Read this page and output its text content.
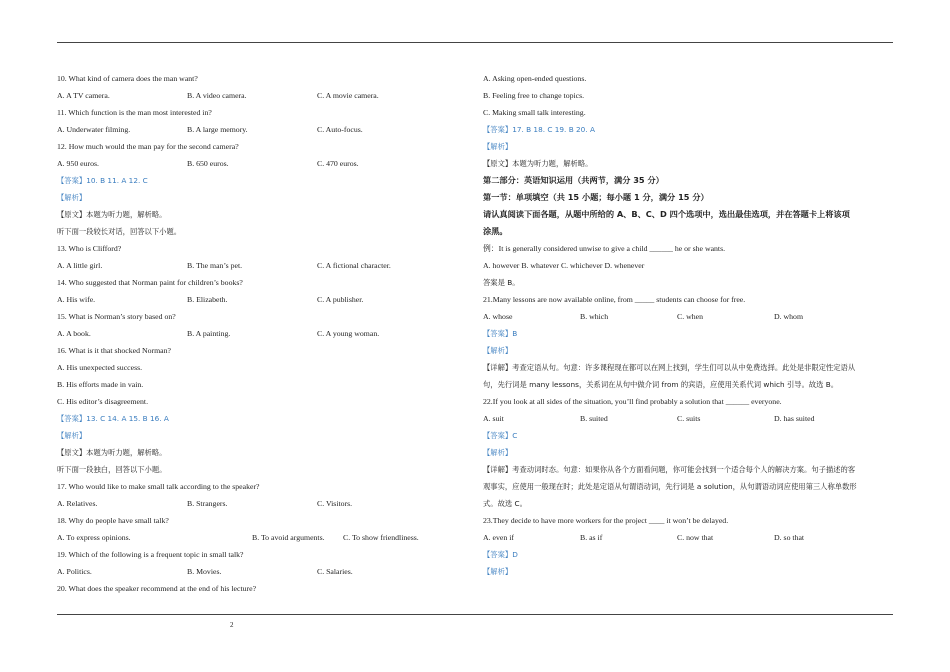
10. What kind of camera does the man want?
A. A TV camera.	B. A video camera.	C. A movie camera.
11. Which function is the man most interested in?
A. Underwater filming.	B. A large memory.	C. Auto-focus.
12. How much would the man pay for the second camera?
A. 950 euros.	B. 650 euros.	C. 470 euros.
【答案】10. B 11. A 12. C
【解析】
【原文】本题为听力题，解析略。
听下面一段较长对话，回答以下小题。
13. Who is Clifford?
A. A little girl.	B. The man’s pet.	C. A fictional character.
14. Who suggested that Norman paint for children’s books?
A. His wife.	B. Elizabeth.	C. A publisher.
15. What is Norman’s story based on?
A. A book.	B. A painting.	C. A young woman.
16. What is it that shocked Norman?
A. His unexpected success.
B. His efforts made in vain.
C. His editor’s disagreement.
【答案】13. C 14. A 15. B 16. A
【解析】
【原文】本题为听力题，解析略。
听下面一段独白，回答以下小题。
17. Who would like to make small talk according to the speaker?
A. Relatives.	B. Strangers.	C. Visitors.
18. Why do people have small talk?
A. To express opinions.	B. To avoid arguments. C. To show friendliness.
19. Which of the following is a frequent topic in small talk?
A. Politics.	B. Movies.	C. Salaries.
20. What does the speaker recommend at the end of his lecture?
A. Asking open-ended questions.
B. Feeling free to change topics.
C. Making small talk interesting.
【答案】17. B 18. C 19. B 20. A
【解析】
【原文】本题为听力题，解析略。
第二部分：英语知识运用（共两节，满分 35 分）
第一节：单项填空（共 15 小题；每小题 1 分，满分 15 分）
请认真阅读下面各题，从题中所给的 A、B、C、D 四个选项中，选出最佳选项，并在答题卡上将该项
涂黑。
例：It is generally considered unwise to give a child ______ he or she wants.
A. however B. whatever C. whichever D. whenever
答案是 B。
21.Many lessons are now available online, from _____ students can choose for free.
A. whose	B. which	C. when	D. whom
【答案】B
【解析】
【详解】考查定语从句。句意：许多课程现在都可以在网上找到，学生们可以从中免费选择。此处是非限定性定语从
句，先行词是 many lessons，关系词在从句中做介词 from 的宾语，应使用关系代词 which 引导。故选 B。
22.If you look at all sides of the situation, you’ll find probably a solution that ______ everyone.
A. suit	B. suited	C. suits	D. has suited
【答案】C
【解析】
【详解】考查动词时态。句意：如果你从各个方面看问题，你可能会找到一个适合每个人的解决方案。句子描述的客
观事实，应使用一般现在时；此处是定语从句谓语动词，先行词是 a solution，从句谓语动词应使用第三人称单数形
式。故选 C。
23.They decide to have more workers for the project ____ it won’t be delayed.
A. even if	B. as if	C. now that	D. so that
【答案】D
【解析】
2
